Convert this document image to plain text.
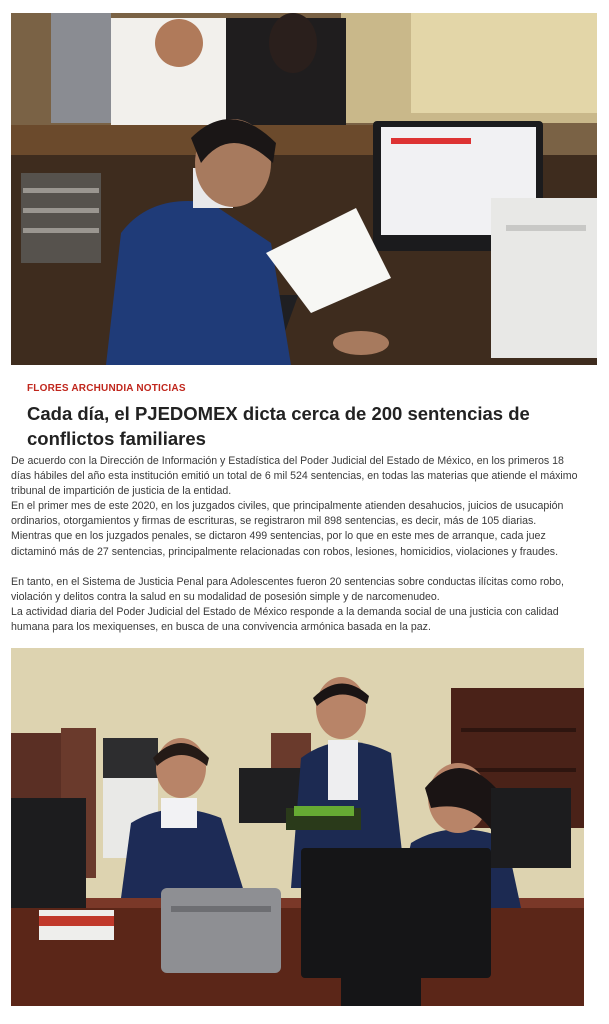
FLORES ARCHUNDIA NOTICIAS
Cada día, el PJEDOMEX dicta cerca de 200 sentencias de conflictos familiares

De acuerdo con la Dirección de Información y Estadística del Poder Judicial del Estado de México, en los primeros 18 días hábiles del año esta institución emitió un total de 6 mil 524 sentencias, en todas las materias que atiende el máximo tribunal de impartición de justicia de la entidad.

En el primer mes de este 2020, en los juzgados civiles, que principalmente atienden desahucios, juicios de usucapión ordinarios, otorgamientos y firmas de escrituras, se registraron mil 898 sentencias, es decir, más de 105 diarias.

Mientras que en los juzgados penales, se dictaron 499 sentencias, por lo que en este mes de arranque, cada juez dictaminó más de 27 sentencias, principalmente relacionadas con robos, lesiones, homicidios, violaciones y fraudes.

En tanto, en el Sistema de Justicia Penal para Adolescentes fueron 20 sentencias sobre conductas ilícitas como robo, violación y delitos contra la salud en su modalidad de posesión simple y de narcomenudeo.

La actividad diaria del Poder Judicial del Estado de México responde a la demanda social de una justicia con calidad humana para los mexiquenses, en busca de una convivencia armónica basada en la paz.
